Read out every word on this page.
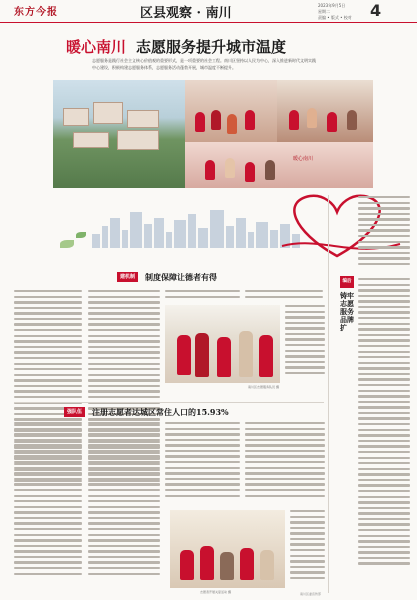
东方今报	区县观察 · 南川
2023年9月5日
星期二
责编 • 版式 • 校对	4
暖心南川 志愿服务提升城市温度
志愿服务是践行社会主义核心价值观的重要形式，是一项重要的社会工程。南川区坚持以人民为中心，深入推进新时代文明实践中心建设，积极构建志愿服务体系，志愿服务活动蓬勃开展，城市温度不断提升。
暖心南川
建机制	制度保障让德者有得
南川区志愿服务队员 摄
强队伍	注册志愿者达城区常住人口的15.93%
志愿者开展关爱活动 摄
编后
铸牢志愿服务品牌扩
南川区委宣传部
